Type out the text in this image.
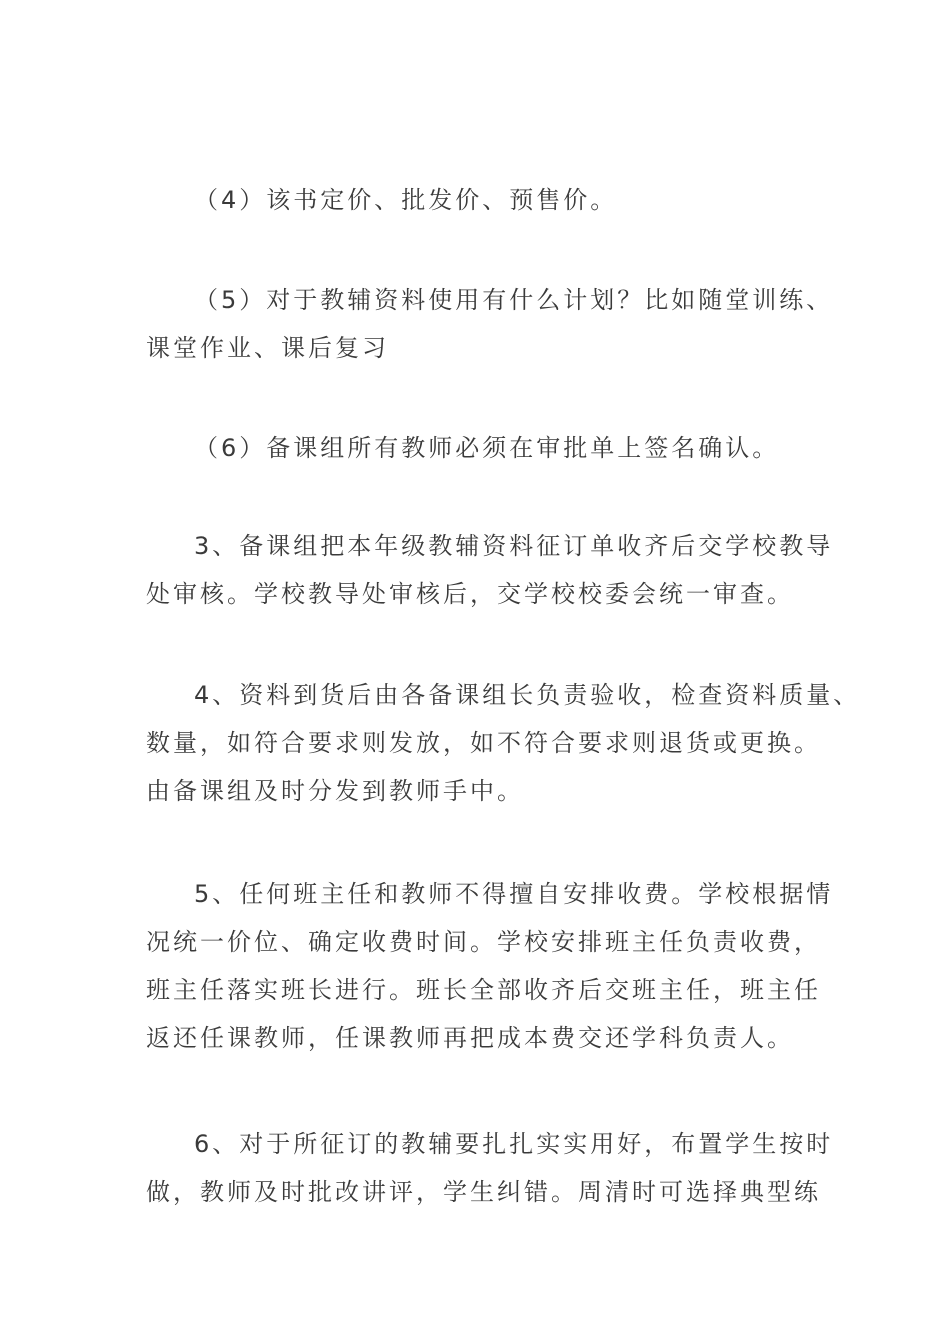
（4）该书定价、批发价、预售价。

（5）对于教辅资料使用有什么计划？比如随堂训练、
课堂作业、课后复习

（6）备课组所有教师必须在审批单上签名确认。

3、备课组把本年级教辅资料征订单收齐后交学校教导
处审核。学校教导处审核后，交学校校委会统一审查。

4、资料到货后由各备课组长负责验收，检查资料质量、
数量，如符合要求则发放，如不符合要求则退货或更换。
由备课组及时分发到教师手中。

5、任何班主任和教师不得擅自安排收费。学校根据情
况统一价位、确定收费时间。学校安排班主任负责收费，
班主任落实班长进行。班长全部收齐后交班主任，班主任
返还任课教师，任课教师再把成本费交还学科负责人。

6、对于所征订的教辅要扎扎实实用好，布置学生按时
做，教师及时批改讲评，学生纠错。周清时可选择典型练
